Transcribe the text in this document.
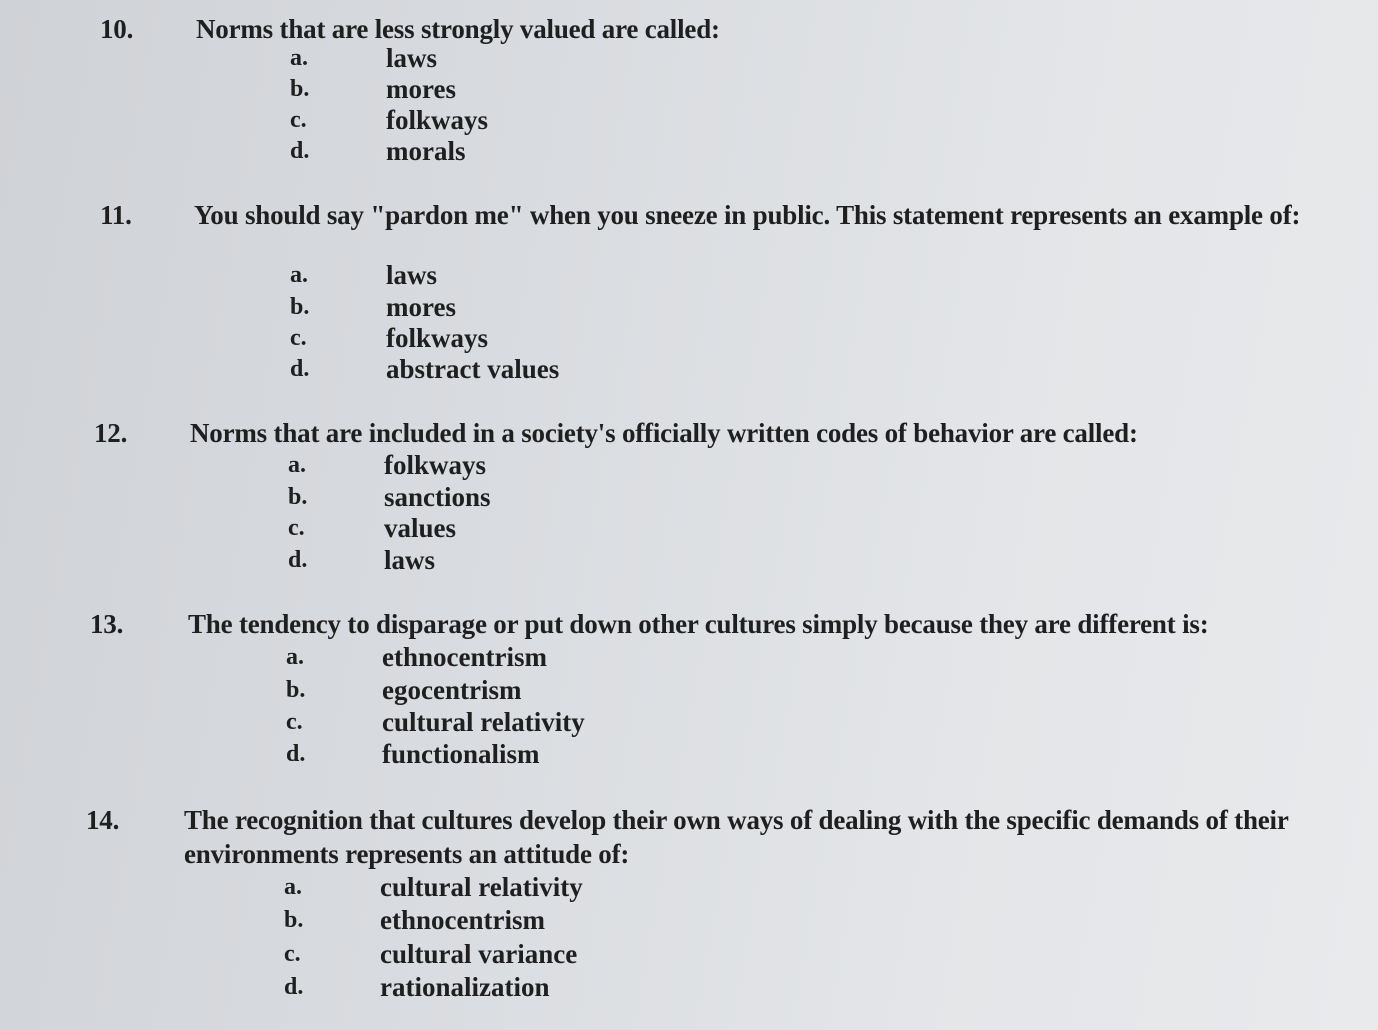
10. Norms that are less strongly valued are called:
a.	laws
b.	mores
c.	folkways
d.	morals
11. You should say "pardon me" when you sneeze in public. This statement represents an example of:
a.	laws
b.	mores
c.	folkways
d.	abstract values
12. Norms that are included in a society's officially written codes of behavior are called:
a.	folkways
b.	sanctions
c.	values
d.	laws
13. The tendency to disparage or put down other cultures simply because they are different is:
a.	ethnocentrism
b.	egocentrism
c.	cultural relativity
d.	functionalism
14. The recognition that cultures develop their own ways of dealing with the specific demands of their environments represents an attitude of:
a.	cultural relativity
b.	ethnocentrism
c.	cultural variance
d.	rationalization
